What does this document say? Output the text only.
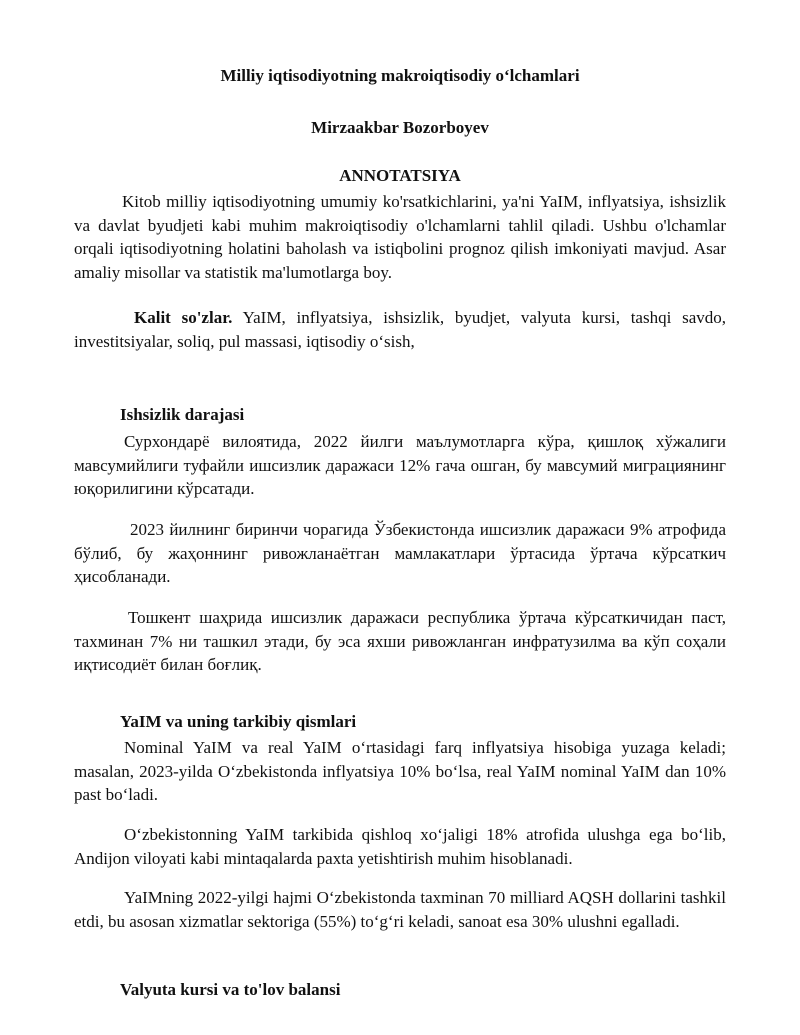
Milliy iqtisodiyotning makroiqtisodiy oʻlchamlari
Mirzaakbar Bozorboyev
ANNOTATSIYA

Kitob milliy iqtisodiyotning umumiy ko'rsatkichlarini, ya'ni YaIM, inflyatsiya, ishsizlik va davlat byudjeti kabi muhim makroiqtisodiy o'lchamlarni tahlil qiladi. Ushbu o'lchamlar orqali iqtisodiyotning holatini baholash va istiqbolini prognoz qilish imkoniyati mavjud. Asar amaliy misollar va statistik ma'lumotlarga boy.

Kalit so'zlar. YaIM, inflyatsiya, ishsizlik, byudjet, valyuta kursi, tashqi savdo, investitsiyalar, soliq, pul massasi, iqtisodiy oʻsish,

Ishsizlik darajasi

Сурхондарё вилоятида, 2022 йилги маълумотларга кўра, қишлоқ хўжалиги мавсумийлиги туфайли ишсизлик даражаси 12% гача ошган, бу мавсумий миграциянинг юқорилигини кўрсатади.

2023 йилнинг биринчи чорагида Ўзбекистонда ишсизлик даражаси 9% атрофида бўлиб, бу жаҳоннинг ривожланаётган мамлакатлари ўртасида ўртача кўрсаткич ҳисобланади.

Тошкент шаҳрида ишсизлик даражаси республика ўртача кўрсаткичидан паст, тахминан 7% ни ташкил этади, бу эса яхши ривожланган инфратузилма ва кўп соҳали иқтисодиёт билан боғлиқ.

YaIM va uning tarkibiy qismlari

Nominal YaIM va real YaIM oʻrtasidagi farq inflyatsiya hisobiga yuzaga keladi; masalan, 2023-yilda Oʻzbekistonda inflyatsiya 10% boʻlsa, real YaIM nominal YaIM dan 10% past boʻladi.

Oʻzbekistonning YaIM tarkibida qishloq xoʻjaligi 18% atrofida ulushga ega boʻlib, Andijon viloyati kabi mintaqalarda paxta yetishtirish muhim hisoblanadi.

YaIMning 2022-yilgi hajmi Oʻzbekistonda taxminan 70 milliard AQSH dollarini tashkil etdi, bu asosan xizmatlar sektoriga (55%) toʻgʻri keladi, sanoat esa 30% ulushni egalladi.

Valyuta kursi va to'lov balansi
